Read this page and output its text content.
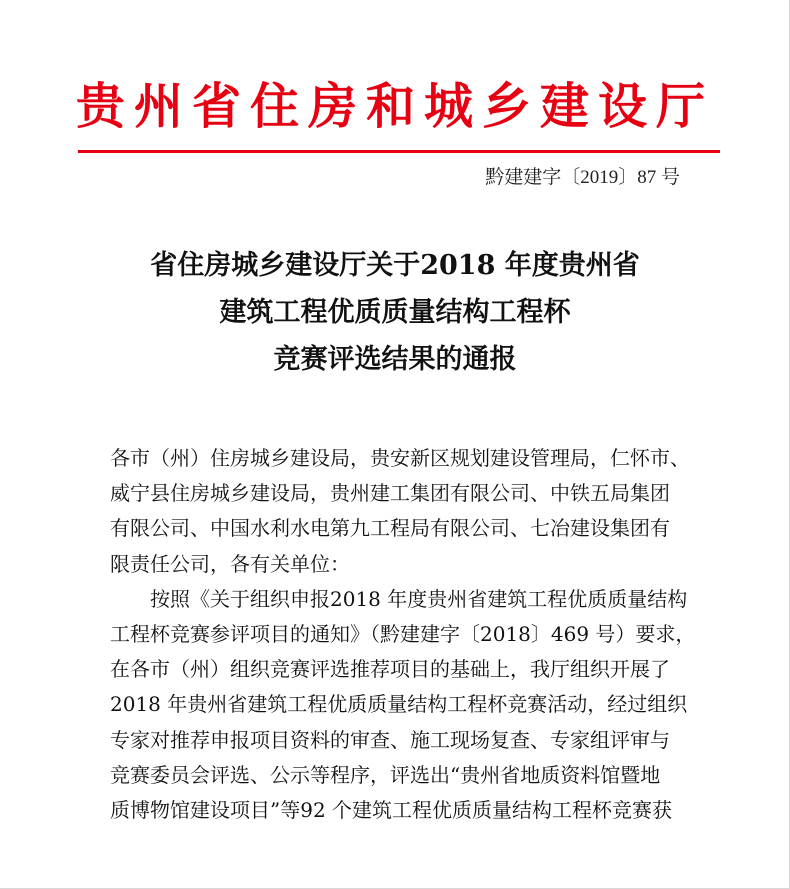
贵州省住房和城乡建设厅
黔建建字〔2019〕87 号
省住房城乡建设厅关于2018 年度贵州省
建筑工程优质质量结构工程杯
竞赛评选结果的通报
各市（州）住房城乡建设局，贵安新区规划建设管理局，仁怀市、
威宁县住房城乡建设局，贵州建工集团有限公司、中铁五局集团
有限公司、中国水利水电第九工程局有限公司、七冶建设集团有
限责任公司，各有关单位：
按照《关于组织申报2018 年度贵州省建筑工程优质质量结构
工程杯竞赛参评项目的通知》（黔建建字〔2018〕469 号）要求，
在各市（州）组织竞赛评选推荐项目的基础上，我厅组织开展了
2018 年贵州省建筑工程优质质量结构工程杯竞赛活动，经过组织
专家对推荐申报项目资料的审查、施工现场复查、专家组评审与
竞赛委员会评选、公示等程序，评选出“贵州省地质资料馆暨地
质博物馆建设项目”等92 个建筑工程优质质量结构工程杯竞赛获
